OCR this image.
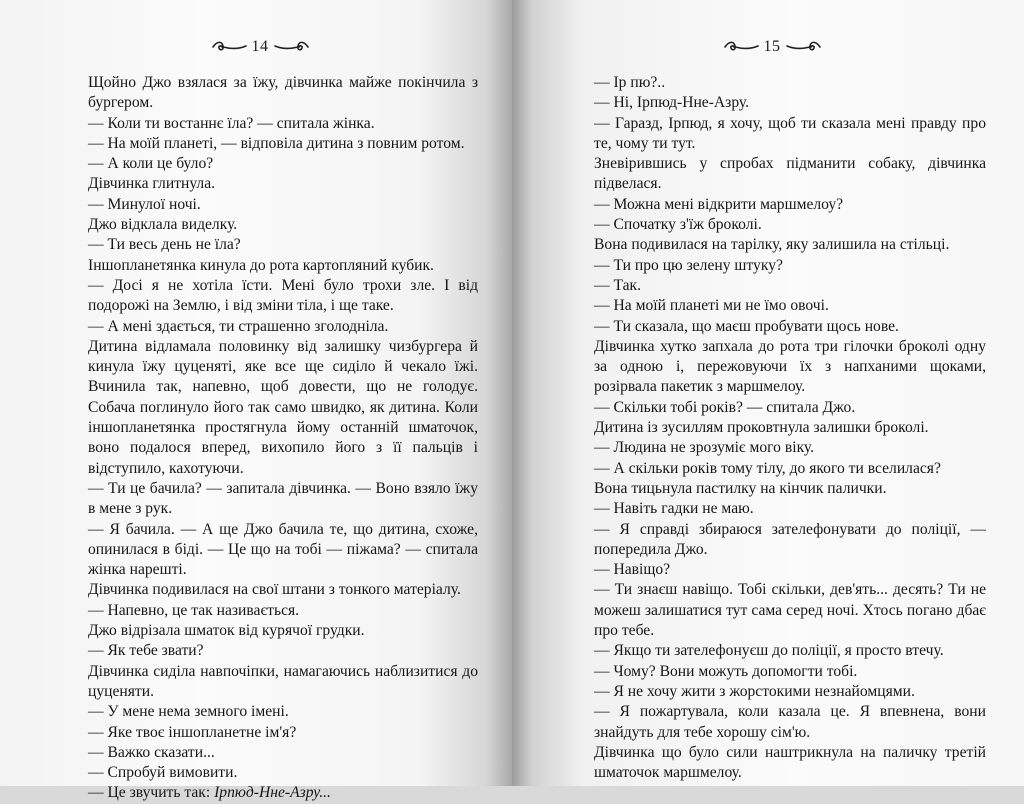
14

Щойно Джо взялася за їжу, дівчинка майже покінчила з бургером.

— Коли ти востаннє їла? — спитала жінка.

— На моїй планеті, — відповіла дитина з повним ротом.

— А коли це було?

Дівчинка глитнула.

— Минулої ночі.

Джо відклала виделку.

— Ти весь день не їла?

Іншопланетянка кинула до рота картопляний кубик.

— Досі я не хотіла їсти. Мені було трохи зле. І від подорожі на Землю, і від зміни тіла, і ще таке.

— А мені здається, ти страшенно зголодніла.

Дитина відламала половинку від залишку чизбургера й кинула їжу цуценяті, яке все ще сиділо й чекало їжі. Вчинила так, напевно, щоб довести, що не голодує. Собача поглинуло його так само швидко, як дитина. Коли іншопланетянка простягнула йому останній шматочок, воно подалося вперед, вихопило його з її пальців і відступило, кахотуючи.

— Ти це бачила? — запитала дівчинка. — Воно взяло їжу в мене з рук.

— Я бачила. — А ще Джо бачила те, що дитина, схоже, опинилася в біді. — Це що на тобі — піжама? — спитала жінка нарешті.

Дівчинка подивилася на свої штани з тонкого матеріалу.

— Напевно, це так називається.

Джо відрізала шматок від курячої грудки.

— Як тебе звати?

Дівчинка сиділа навпочіпки, намагаючись наблизитися до цуценяти.

— У мене нема земного імені.

— Яке твоє іншопланетне ім'я?

— Важко сказати...

— Спробуй вимовити.

— Це звучить так: Ірпюд-Нне-Азру...

15

— Ір пю?..

— Ні, Ірпюд-Нне-Азру.

— Гаразд, Ірпюд, я хочу, щоб ти сказала мені правду про те, чому ти тут.

Зневірившись у спробах підманити собаку, дівчинка підвелася.

— Можна мені відкрити маршмелоу?

— Спочатку з'їж броколі.

Вона подивилася на тарілку, яку залишила на стільці.

— Ти про цю зелену штуку?

— Так.

— На моїй планеті ми не їмо овочі.

— Ти сказала, що маєш пробувати щось нове.

Дівчинка хутко запхала до рота три гілочки броколі одну за одною і, пережовуючи їх з напханими щоками, розірвала пакетик з маршмелоу.

— Скільки тобі років? — спитала Джо.

Дитина із зусиллям проковтнула залишки броколі.

— Людина не зрозуміє мого віку.

— А скільки років тому тілу, до якого ти вселилася?

Вона тицьнула пастилку на кінчик палички.

— Навіть гадки не маю.

— Я справді збираюся зателефонувати до поліції, — попередила Джо.

— Навіщо?

— Ти знаєш навіщо. Тобі скільки, дев'ять... десять? Ти не можеш залишатися тут сама серед ночі. Хтось погано дбає про тебе.

— Якщо ти зателефонуєш до поліції, я просто втечу.

— Чому? Вони можуть допомогти тобі.

— Я не хочу жити з жорстокими незнайомцями.

— Я пожартувала, коли казала це. Я впевнена, вони знайдуть для тебе хорошу сім'ю.

Дівчинка що було сили наштрикнула на паличку третій шматочок маршмелоу.
